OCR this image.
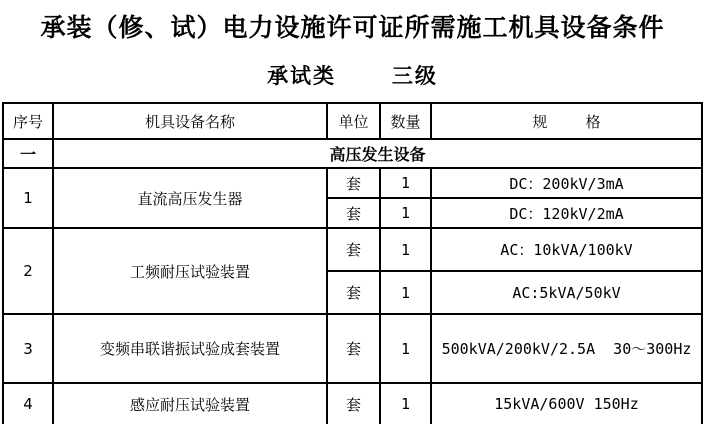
承装（修、试）电力设施许可证所需施工机具设备条件
承试类      三级
序号	机具设备名称	单位	数量	规        格
一	高压发生设备			
1	直流高压发生器	套	1	DC：200kV/3mA
		套	1	DC：120kV/2mA
2	工频耐压试验装置	套	1	AC：10kVA/100kV
		套	1	AC:5kVA/50kV
3	变频串联谐振试验成套装置	套	1	500kVA/200kV/2.5A  30～300Hz
4	感应耐压试验装置	套	1	15kVA/600V 150Hz
